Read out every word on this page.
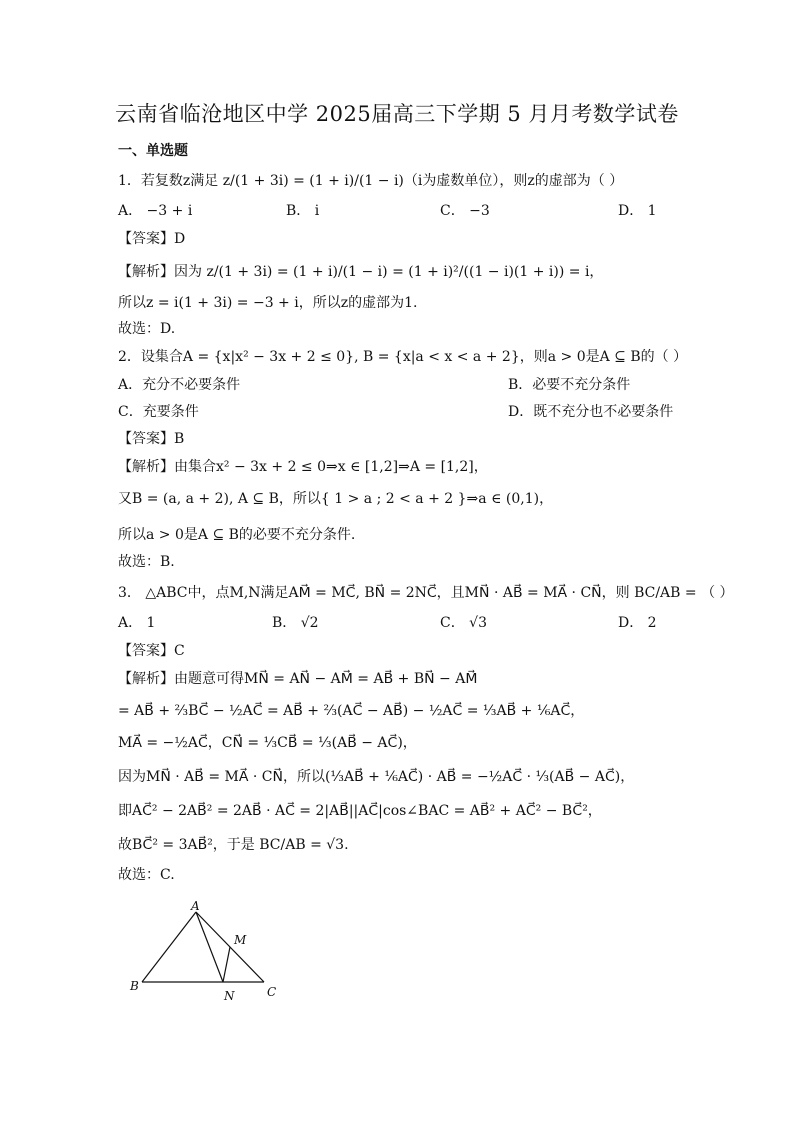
云南省临沧地区中学 2025届高三下学期 5 月月考数学试卷
一、单选题
1．若复数z满足 z/(1 + 3i) = (1 + i)/(1 − i)（i为虚数单位），则z的虚部为（ ）
A． −3 + i	B． i	C． −3	D． 1
【答案】D
【解析】因为 z/(1 + 3i) = (1 + i)/(1 − i) = (1 + i)²/((1 − i)(1 + i)) = i，
所以z = i(1 + 3i) = −3 + i，所以z的虚部为1.
故选：D.
2．设集合A = {x|x² − 3x + 2 ≤ 0}, B = {x|a < x < a + 2}，则a > 0是A ⊆ B的（ ）
A．充分不必要条件	B．必要不充分条件
C．充要条件	D．既不充分也不必要条件
【答案】B
【解析】由集合x² − 3x + 2 ≤ 0⇒x ∈ [1,2]⇒A = [1,2]，
又B = (a, a + 2), A ⊆ B，所以{ 1 > a ; 2 < a + 2 }⇒a ∈ (0,1)，
所以a > 0是A ⊆ B的必要不充分条件.
故选：B.
3． △ABC中，点M,N满足AM⃗ = MC⃗, BN⃗ = 2NC⃗，且MN⃗ · AB⃗ = MA⃗ · CN⃗，则 BC/AB = （ ）
A． 1	B． √2	C． √3	D． 2
【答案】C
【解析】由题意可得MN⃗ = AN⃗ − AM⃗ = AB⃗ + BN⃗ − AM⃗
= AB⃗ + ⅔BC⃗ − ½AC⃗ = AB⃗ + ⅔(AC⃗ − AB⃗) − ½AC⃗ = ⅓AB⃗ + ⅙AC⃗，
MA⃗ = −½AC⃗，CN⃗ = ⅓CB⃗ = ⅓(AB⃗ − AC⃗)，
因为MN⃗ · AB⃗ = MA⃗ · CN⃗，所以(⅓AB⃗ + ⅙AC⃗) · AB⃗ = −½AC⃗ · ⅓(AB⃗ − AC⃗)，
即AC⃗² − 2AB⃗² = 2AB⃗ · AC⃗ = 2|AB⃗||AC⃗|cos∠BAC = AB⃗² + AC⃗² − BC⃗²，
故BC⃗² = 3AB⃗²，于是 BC/AB = √3.
故选：C.
A
B	C
M
N
